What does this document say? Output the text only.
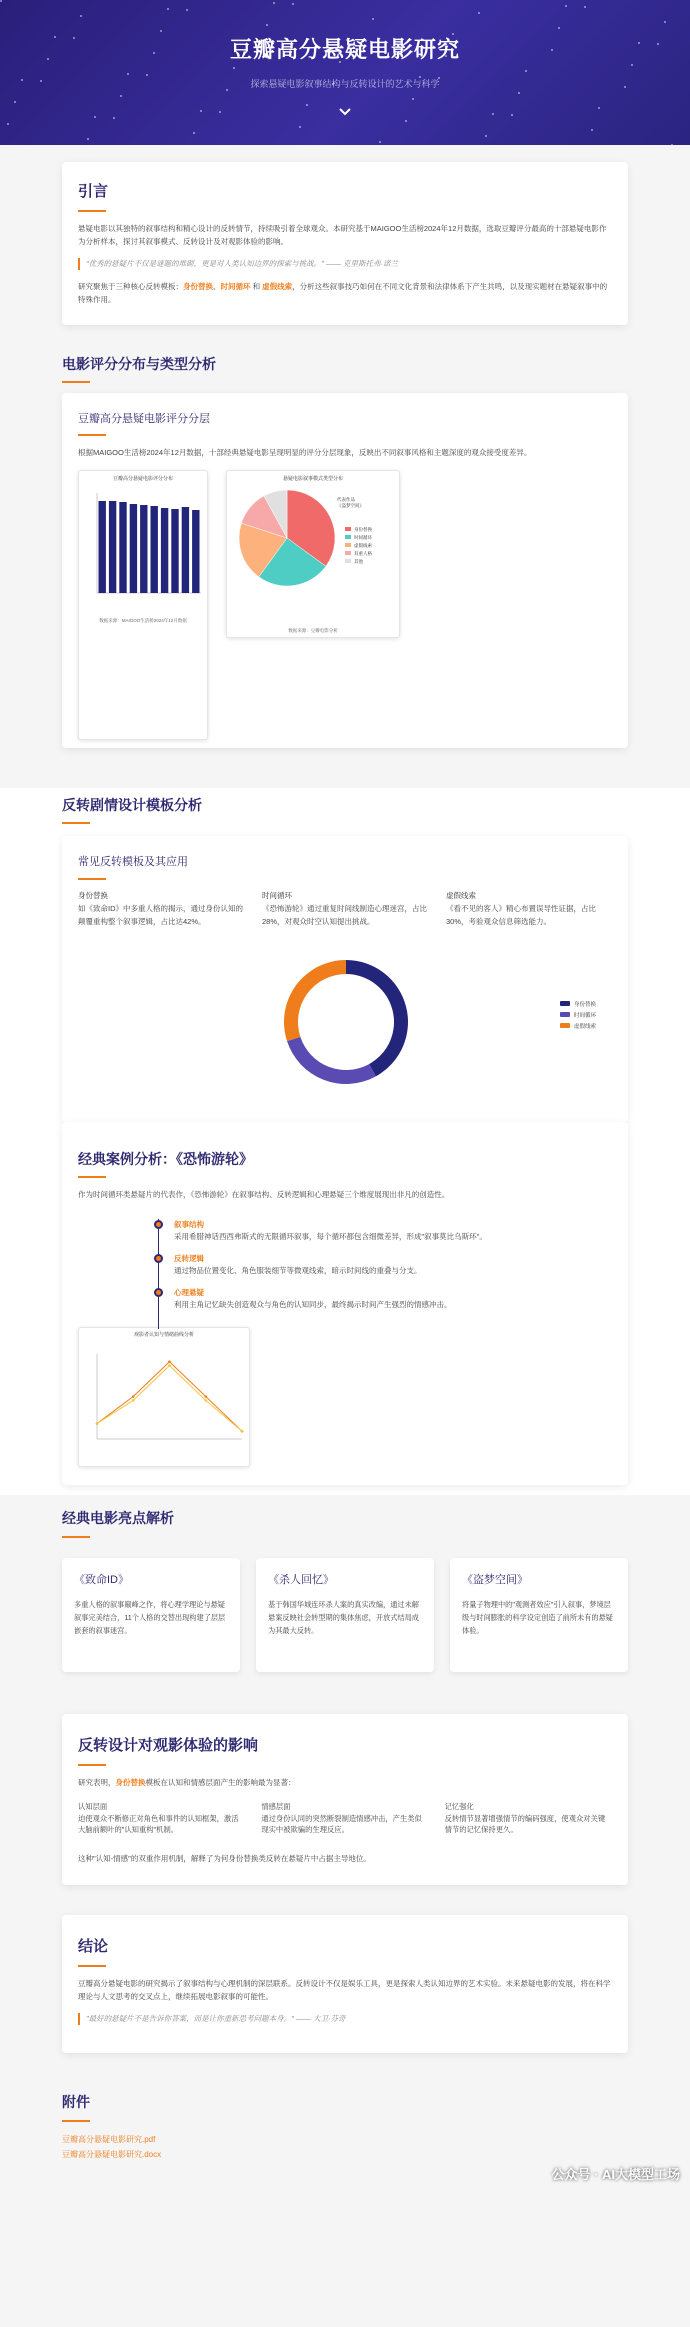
豆瓣高分悬疑电影研究

探索悬疑电影叙事结构与反转设计的艺术与科学

引言

悬疑电影以其独特的叙事结构和精心设计的反转情节，持续吸引着全球观众。本研究基于MAIGOO生活榜2024年12月数据，选取豆瓣评分最高的十部悬疑电影作为分析样本，探讨其叙事模式、反转设计及对观影体验的影响。

"优秀的悬疑片不仅是谜题的堆砌，更是对人类认知边界的探索与挑战。" —— 克里斯托弗·诺兰

研究聚焦于三种核心反转模板：身份替换、时间循环 和 虚假线索，分析这些叙事技巧如何在不同文化背景和法律体系下产生共鸣，以及现实题材在悬疑叙事中的特殊作用。

电影评分分布与类型分析
豆瓣高分悬疑电影评分分层

根据MAIGOO生活榜2024年12月数据，十部经典悬疑电影呈现明显的评分分层现象，反映出不同叙事风格和主题深度的观众接受度差异。

豆瓣高分悬疑电影评分分布
数据来源：MAIGOO生活榜2024年12月数据
悬疑电影叙事模式类型分布
身份替换
时间循环
虚假线索
双重人格
其他
代表作品
《盗梦空间》
数据来源：豆瓣电影分析
反转剧情设计模板分析
常见反转模板及其应用
身份替换
如《致命ID》中多重人格的揭示，通过身份认知的颠覆重构整个叙事逻辑，占比达42%。
时间循环
《恐怖游轮》通过重复时间线制造心理迷宫，占比28%，对观众时空认知提出挑战。
虚假线索
《看不见的客人》精心布置误导性证据，占比30%，考验观众信息筛选能力。
身份替换
时间循环
虚假线索
经典案例分析：《恐怖游轮》

作为时间循环类悬疑片的代表作，《恐怖游轮》在叙事结构、反转逻辑和心理悬疑三个维度展现出非凡的创造性。

叙事结构
采用希腊神话西西弗斯式的无限循环叙事，每个循环都包含细微差异，形成"叙事莫比乌斯环"。
反转逻辑
通过物品位置变化、角色服装细节等微观线索，暗示时间线的重叠与分支。
心理悬疑
利用主角记忆缺失创造观众与角色的认知同步，最终揭示时间产生强烈的情感冲击。
观影者认知与情绪曲线分析
经典电影亮点解析
《致命ID》
多重人格的叙事巅峰之作，将心理学理论与悬疑叙事完美结合，11个人格的交替出现构建了层层嵌套的叙事迷宫。
《杀人回忆》
基于韩国华城连环杀人案的真实改编，通过未解悬案反映社会转型期的集体焦虑，开放式结局成为其最大反转。
《盗梦空间》
将量子物理中的"观测者效应"引入叙事，梦境层级与时间膨胀的科学设定创造了前所未有的悬疑体验。
反转设计对观影体验的影响

研究表明，身份替换模板在认知和情感层面产生的影响最为显著：

认知层面
迫使观众不断修正对角色和事件的认知框架，激活大脑前额叶的"认知重构"机制。
情感层面
通过身份认同的突然断裂制造情感冲击，产生类似现实中被欺骗的生理反应。
记忆强化
反转情节显著增强情节的编码强度，使观众对关键情节的记忆保持更久。

这种"认知-情感"的双重作用机制，解释了为何身份替换类反转在悬疑片中占据主导地位。

结论

豆瓣高分悬疑电影的研究揭示了叙事结构与心理机制的深层联系。反转设计不仅是娱乐工具，更是探索人类认知边界的艺术实验。未来悬疑电影的发展，将在科学理论与人文思考的交叉点上，继续拓展电影叙事的可能性。

"最好的悬疑片不是告诉你答案，而是让你重新思考问题本身。" —— 大卫·芬奇
附件
豆瓣高分悬疑电影研究.pdf
豆瓣高分悬疑电影研究.docx
公众号 · AI大模型工场
